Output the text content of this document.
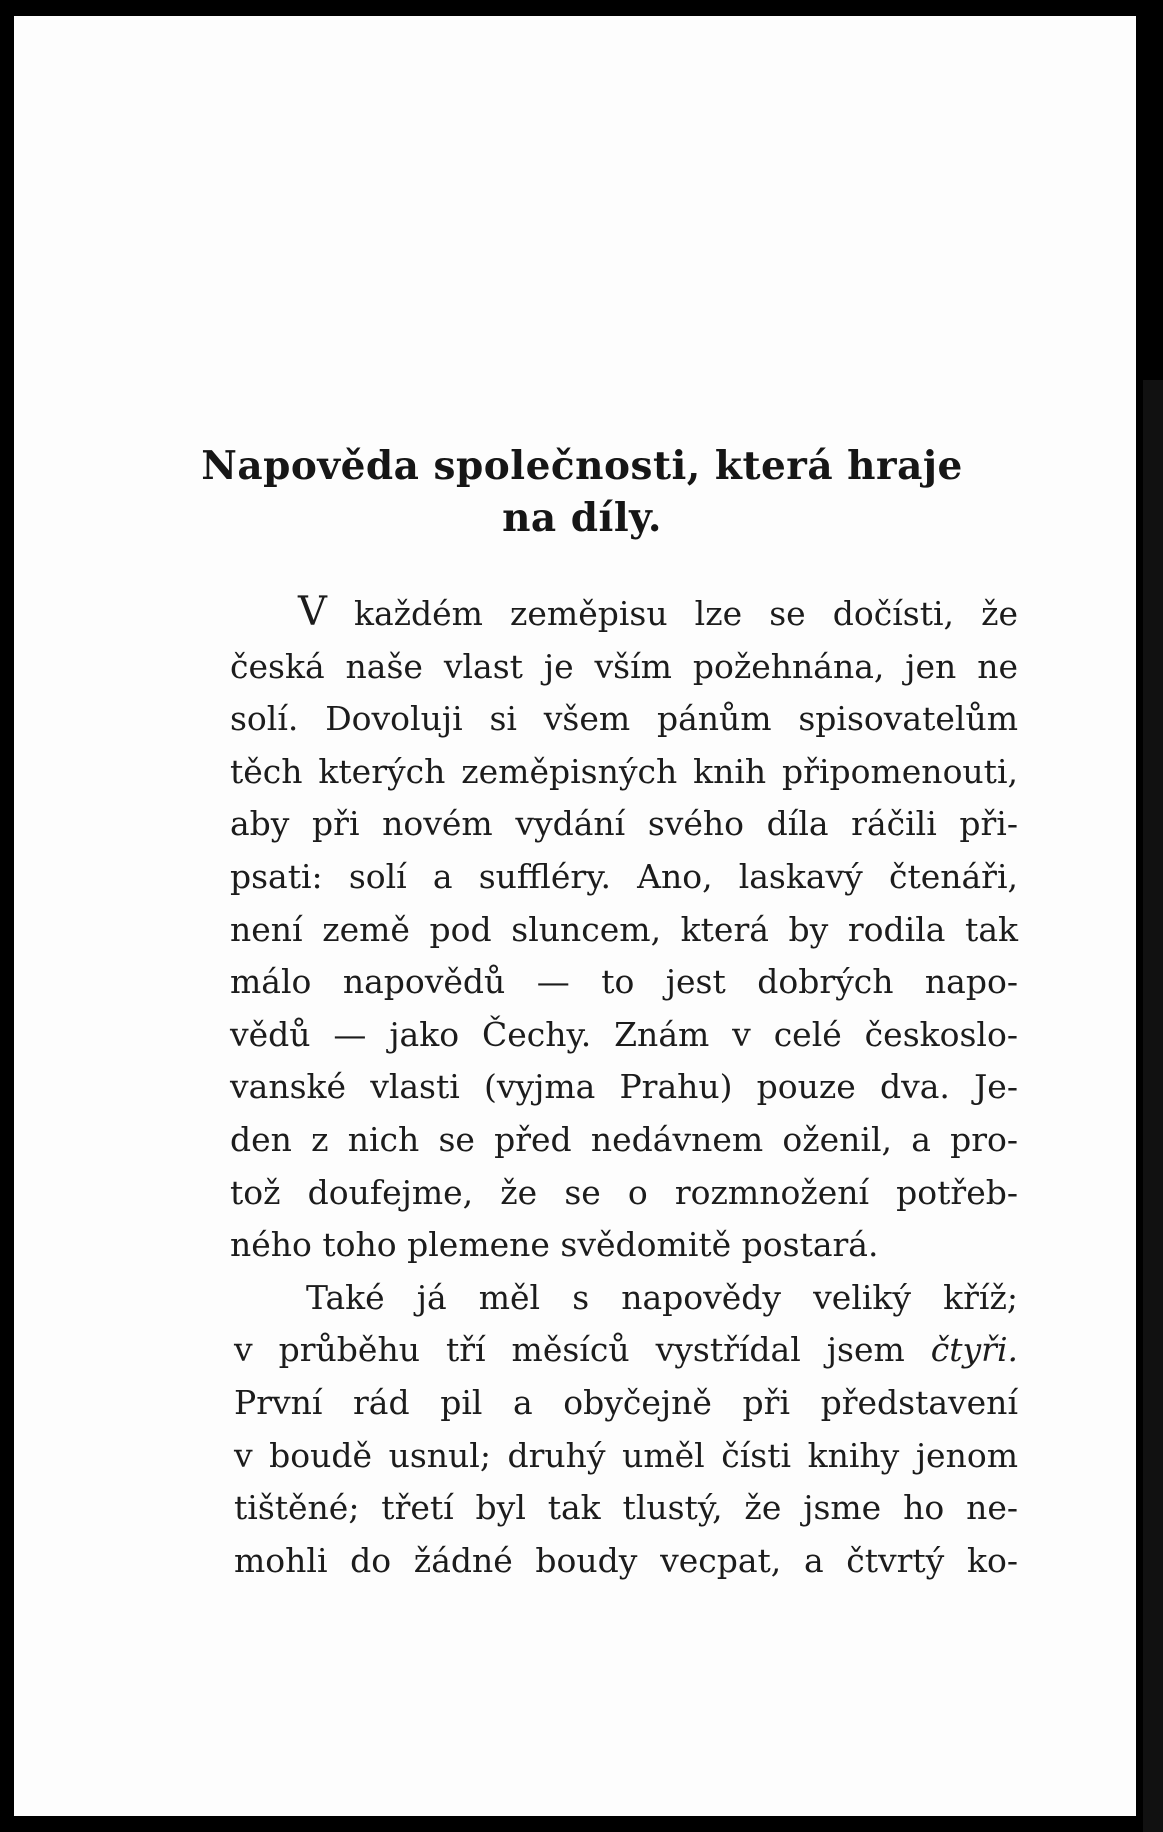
Napověda společnosti, která hraje
na díly.
V každém zeměpisu lze se dočísti, že
česká naše vlast je vším požehnána, jen ne
solí. Dovoluji si všem pánům spisovatelům
těch kterých zeměpisných knih připomenouti,
aby při novém vydání svého díla ráčili při-
psati: solí a suffléry. Ano, laskavý čtenáři,
není země pod sluncem, která by rodila tak
málo napovědů — to jest dobrých napo-
vědů — jako Čechy. Znám v celé českoslo-
vanské vlasti (vyjma Prahu) pouze dva. Je-
den z nich se před nedávnem oženil, a pro-
tož doufejme, že se o rozmnožení potřeb-
ného toho plemene svědomitě postará.
Také já měl s napovědy veliký kříž;
v průběhu tří měsíců vystřídal jsem čtyři.
První rád pil a obyčejně při představení
v boudě usnul; druhý uměl čísti knihy jenom
tištěné; třetí byl tak tlustý, že jsme ho ne-
mohli do žádné boudy vecpat, a čtvrtý ko-
